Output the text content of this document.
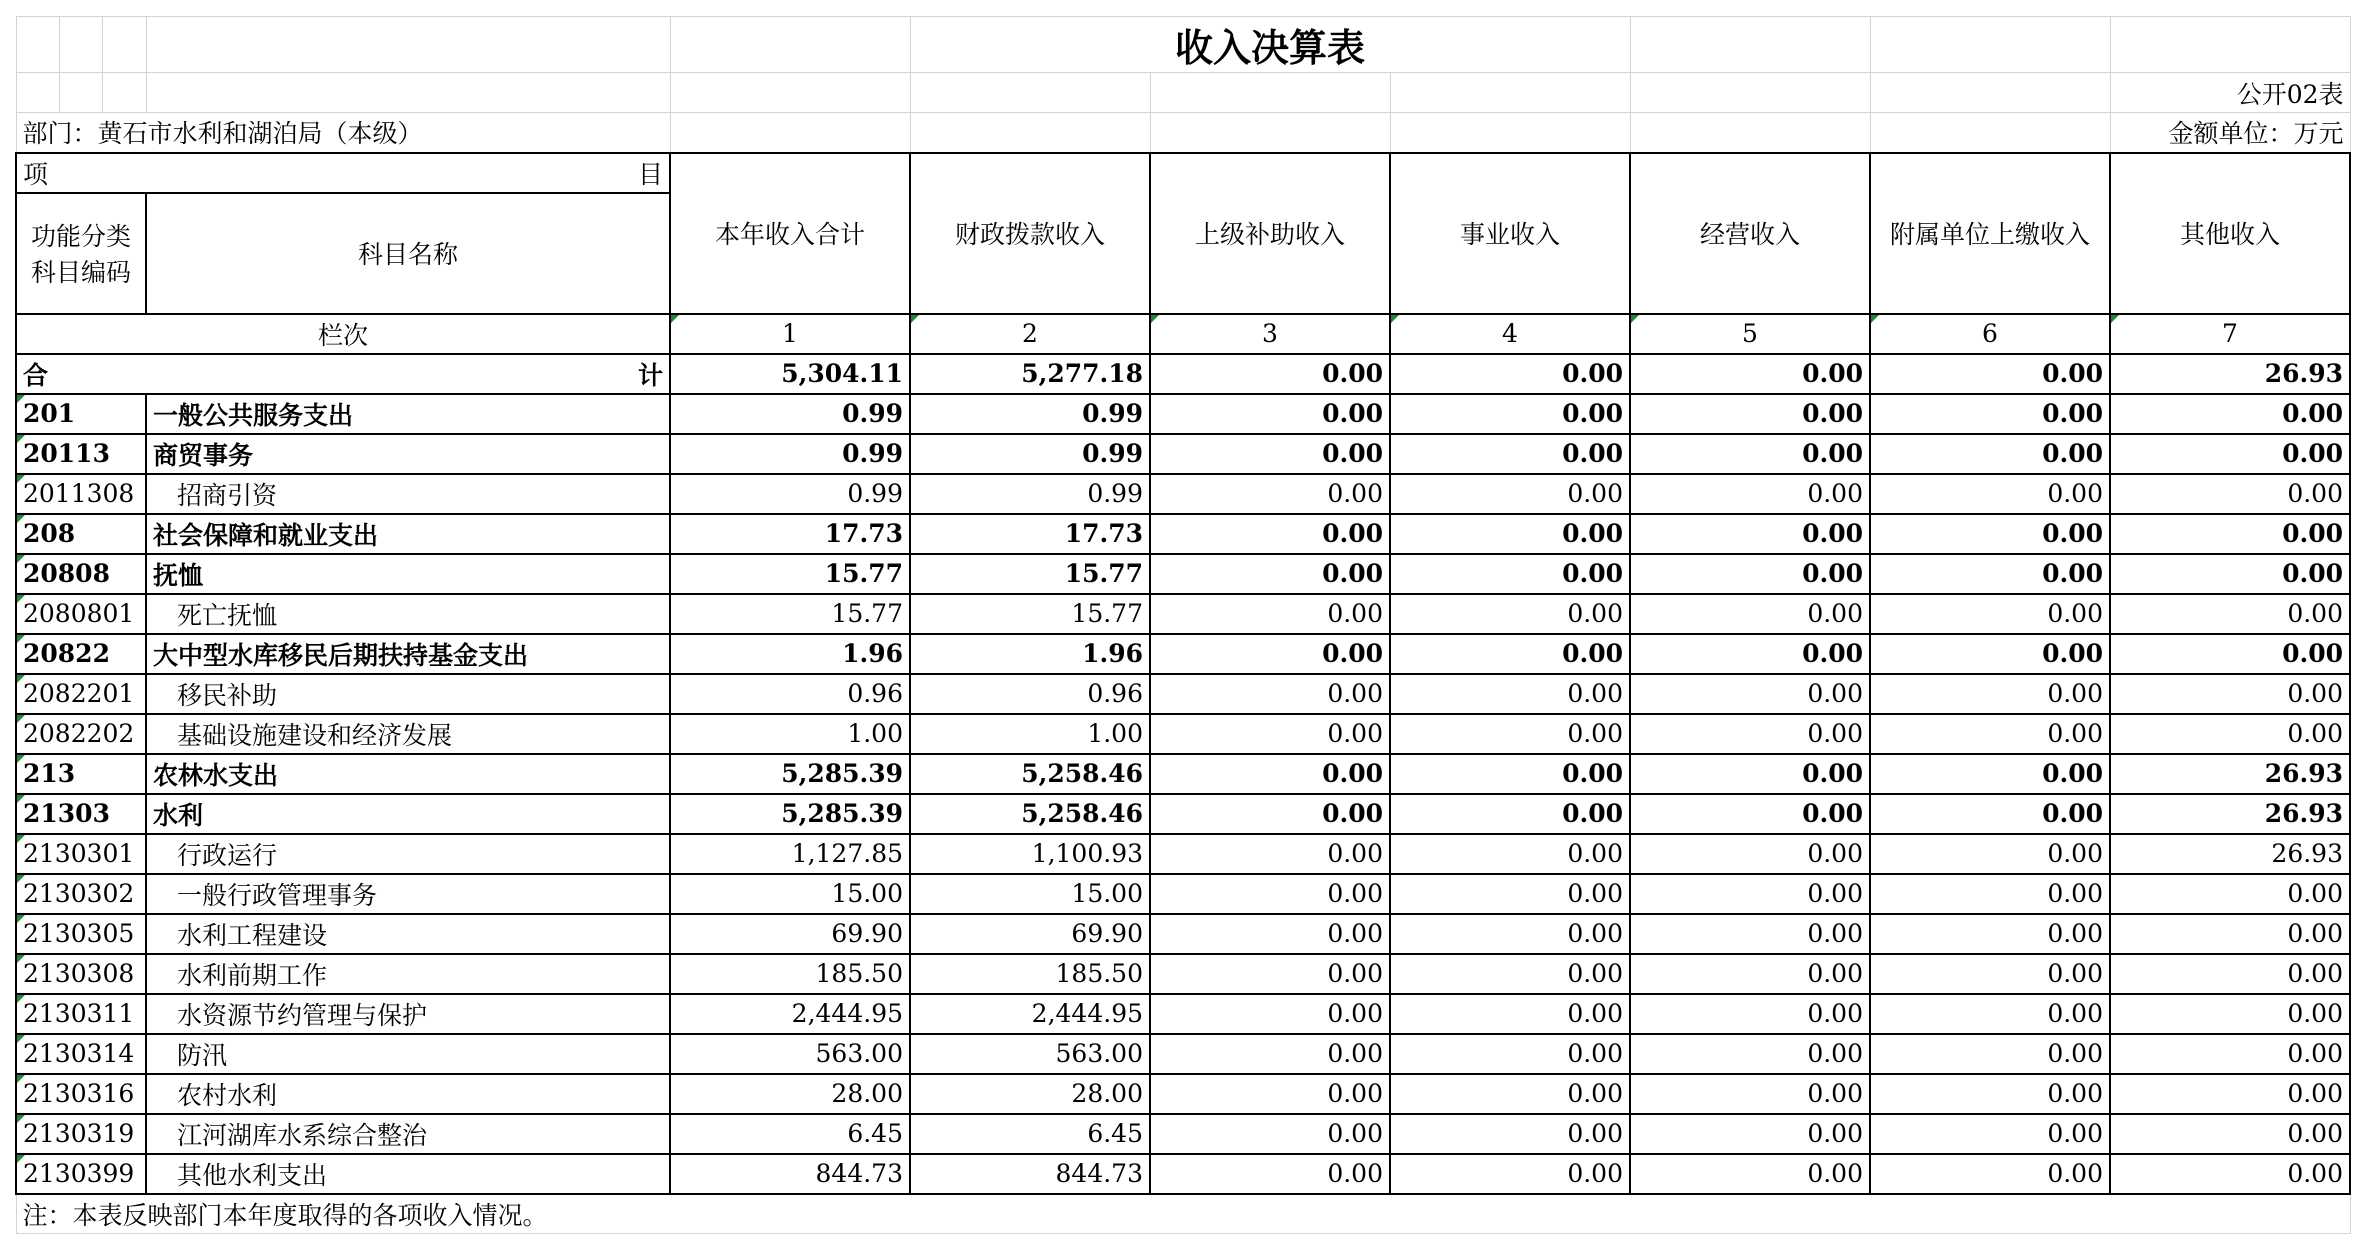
					收入决算表					
										公开02表
部门：黄石市水利和湖泊局（本级）										金额单位：万元

项 目				本年收入合计	财政拨款收入	上级补助收入	事业收入	经营收入	附属单位上缴收入	其他收入

功能分类
科目编码			科目名称							

栏次				1	2	3	4	5	6	7

合 计				5,304.11	5,277.18	0.00	0.00	0.00	0.00	26.93
201			一般公共服务支出	0.99	0.99	0.00	0.00	0.00	0.00	0.00
20113			商贸事务	0.99	0.99	0.00	0.00	0.00	0.00	0.00
2011308			招商引资	0.99	0.99	0.00	0.00	0.00	0.00	0.00
208			社会保障和就业支出	17.73	17.73	0.00	0.00	0.00	0.00	0.00
20808			抚恤	15.77	15.77	0.00	0.00	0.00	0.00	0.00
2080801			死亡抚恤	15.77	15.77	0.00	0.00	0.00	0.00	0.00
20822			大中型水库移民后期扶持基金支出	1.96	1.96	0.00	0.00	0.00	0.00	0.00
2082201			移民补助	0.96	0.96	0.00	0.00	0.00	0.00	0.00
2082202			基础设施建设和经济发展	1.00	1.00	0.00	0.00	0.00	0.00	0.00
213			农林水支出	5,285.39	5,258.46	0.00	0.00	0.00	0.00	26.93
21303			水利	5,285.39	5,258.46	0.00	0.00	0.00	0.00	26.93
2130301			行政运行	1,127.85	1,100.93	0.00	0.00	0.00	0.00	26.93
2130302			一般行政管理事务	15.00	15.00	0.00	0.00	0.00	0.00	0.00
2130305			水利工程建设	69.90	69.90	0.00	0.00	0.00	0.00	0.00
2130308			水利前期工作	185.50	185.50	0.00	0.00	0.00	0.00	0.00
2130311			水资源节约管理与保护	2,444.95	2,444.95	0.00	0.00	0.00	0.00	0.00
2130314			防汛	563.00	563.00	0.00	0.00	0.00	0.00	0.00
2130316			农村水利	28.00	28.00	0.00	0.00	0.00	0.00	0.00
2130319			江河湖库水系综合整治	6.45	6.45	0.00	0.00	0.00	0.00	0.00
2130399			其他水利支出	844.73	844.73	0.00	0.00	0.00	0.00	0.00
注：本表反映部门本年度取得的各项收入情况。										
